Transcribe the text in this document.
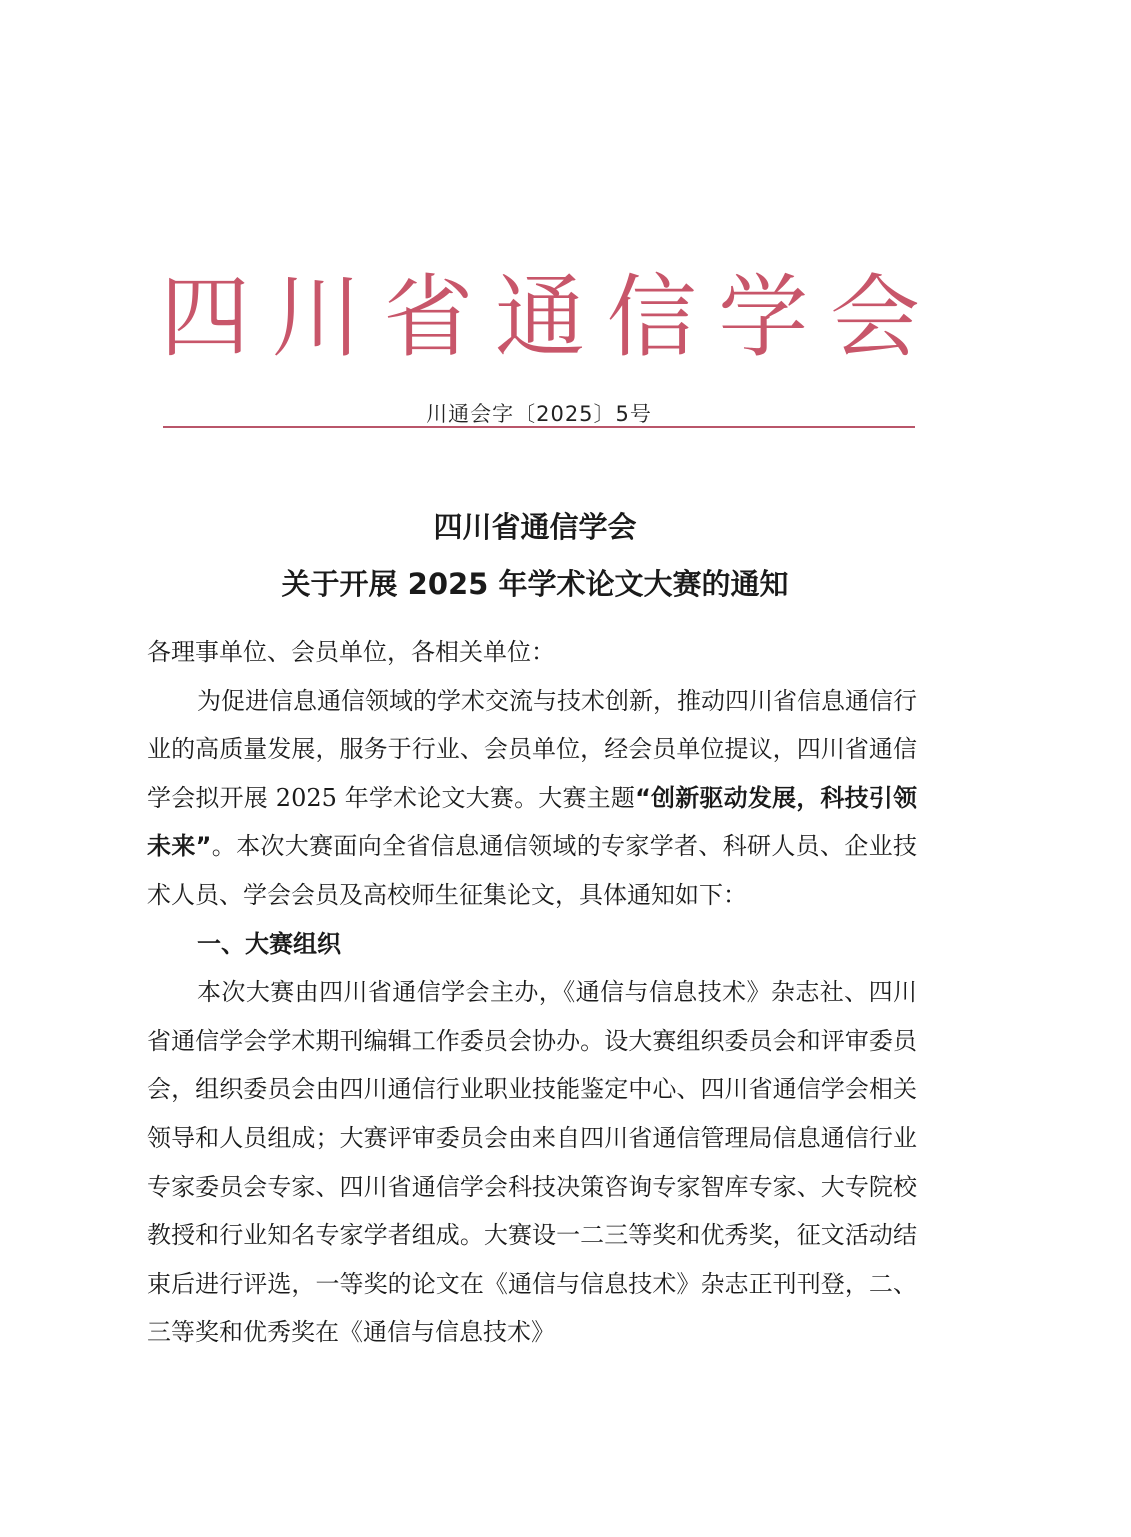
四 川 省 通 信 学 会
川通会字〔2025〕5号
四川省通信学会
关于开展 2025 年学术论文大赛的通知

各理事单位、会员单位，各相关单位：

为促进信息通信领域的学术交流与技术创新，推动四川省信息通信行业的高质量发展，服务于行业、会员单位，经会员单位提议，四川省通信学会拟开展 2025 年学术论文大赛。大赛主题“创新驱动发展，科技引领未来”。本次大赛面向全省信息通信领域的专家学者、科研人员、企业技术人员、学会会员及高校师生征集论文，具体通知如下：

一、大赛组织

本次大赛由四川省通信学会主办，《通信与信息技术》杂志社、四川省通信学会学术期刊编辑工作委员会协办。设大赛组织委员会和评审委员会，组织委员会由四川通信行业职业技能鉴定中心、四川省通信学会相关领导和人员组成；大赛评审委员会由来自四川省通信管理局信息通信行业专家委员会专家、四川省通信学会科技决策咨询专家智库专家、大专院校教授和行业知名专家学者组成。大赛设一二三等奖和优秀奖，征文活动结束后进行评选，一等奖的论文在《通信与信息技术》杂志正刊刊登，二、三等奖和优秀奖在《通信与信息技术》
